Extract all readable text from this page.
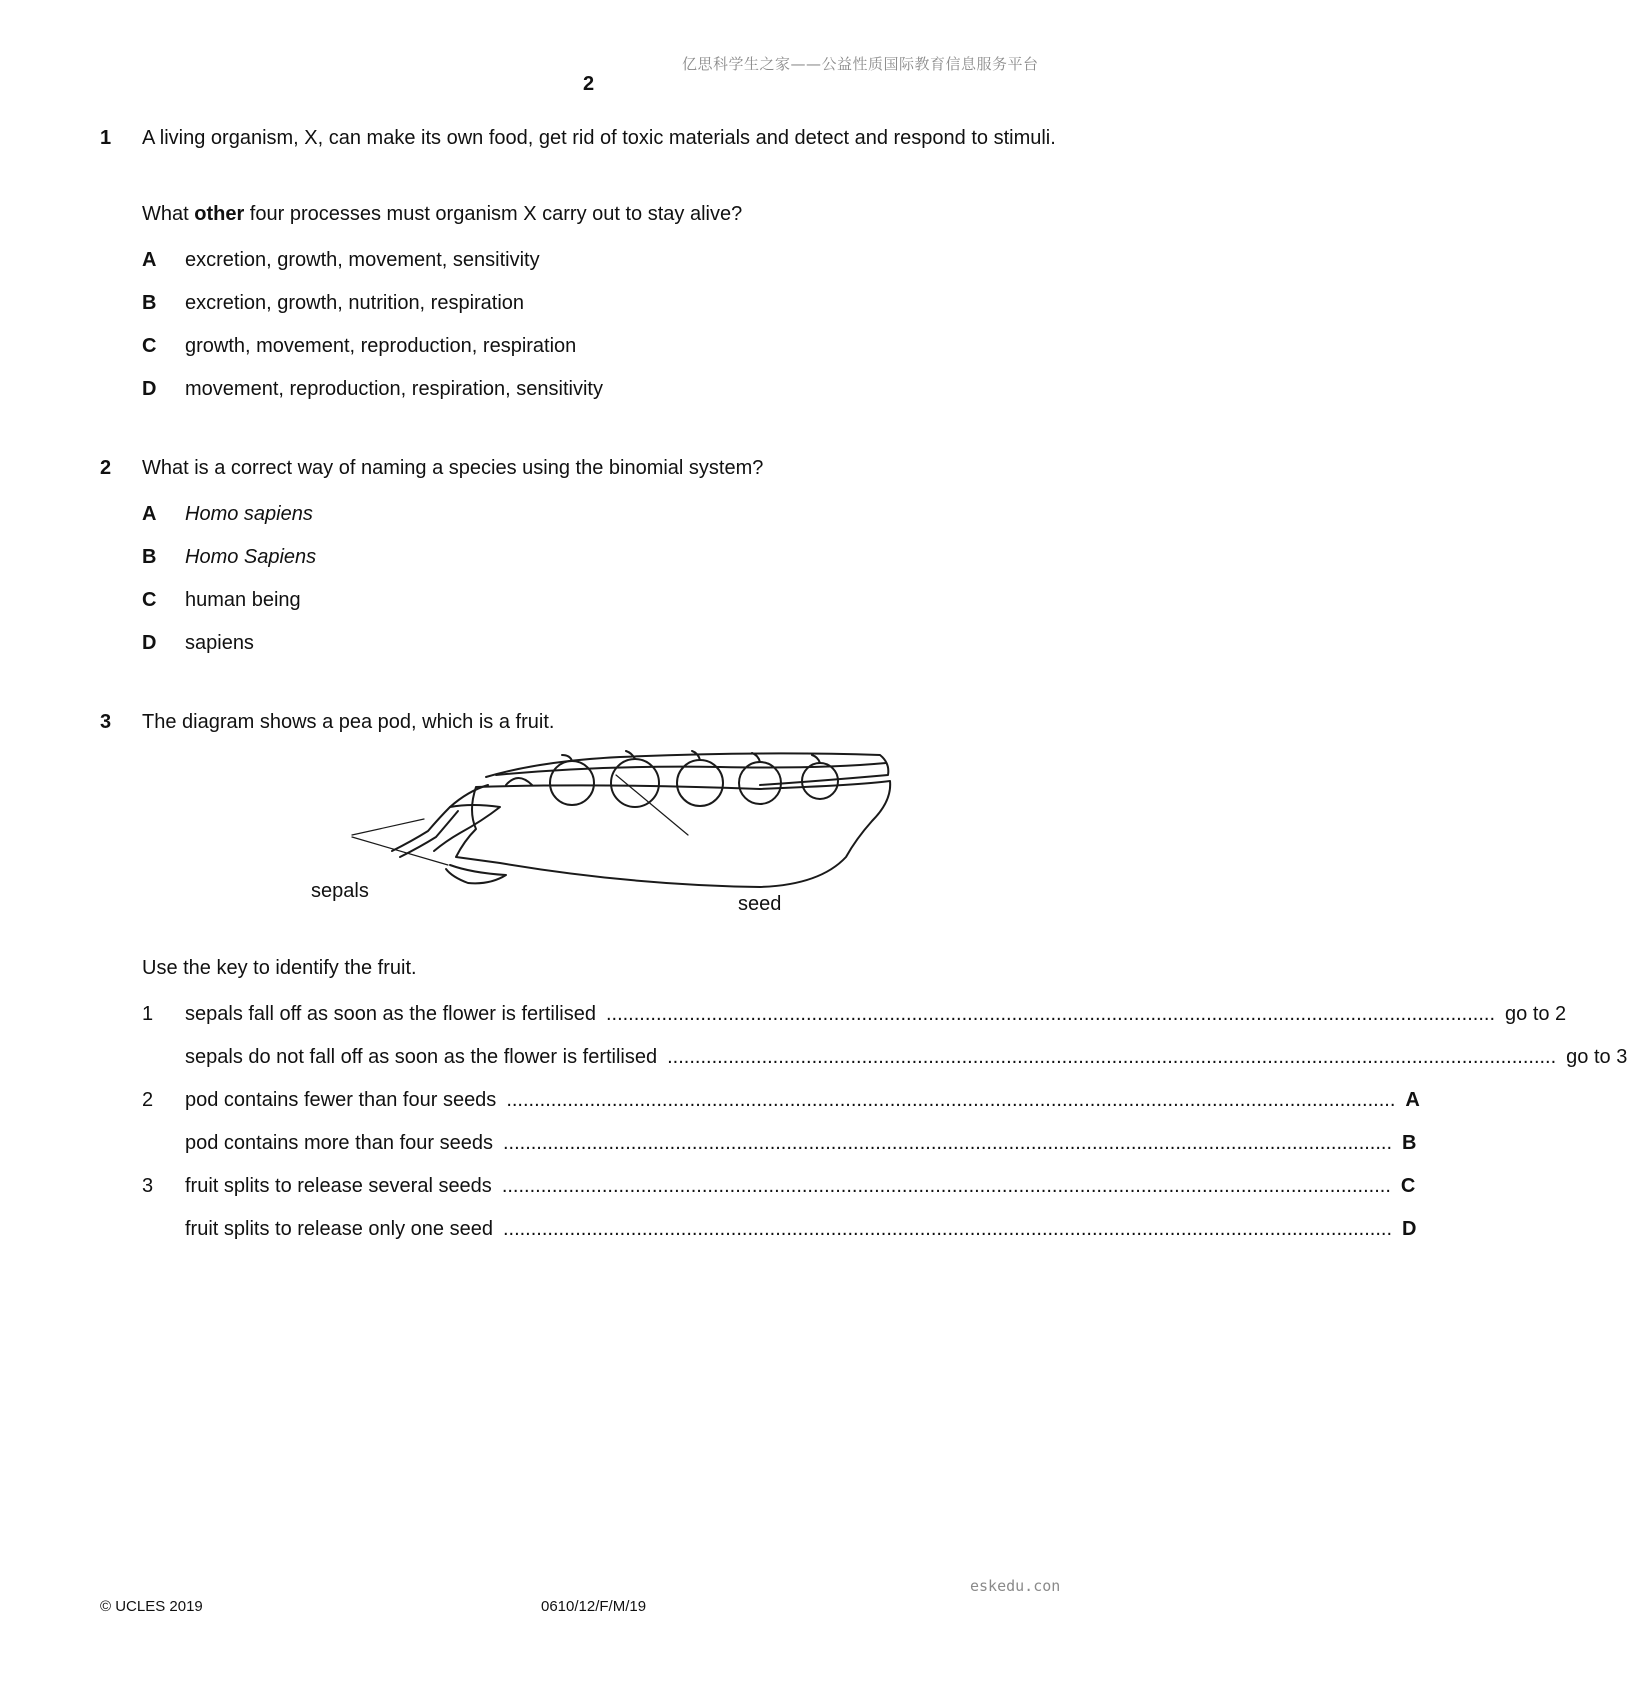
亿思科学生之家——公益性质国际教育信息服务平台
2
1 A living organism, X, can make its own food, get rid of toxic materials and detect and respond to stimuli.
What other four processes must organism X carry out to stay alive?
A excretion, growth, movement, sensitivity
B excretion, growth, nutrition, respiration
C growth, movement, reproduction, respiration
D movement, reproduction, respiration, sensitivity
2 What is a correct way of naming a species using the binomial system?
A Homo sapiens
B Homo Sapiens
C human being
D sapiens
3 The diagram shows a pea pod, which is a fruit.
sepals
seed
Use the key to identify the fruit.
1 sepals fall off as soon as the flower is fertilised ................................................................................................................................................................ go to 2
sepals do not fall off as soon as the flower is fertilised ................................................................................................................................................................ go to 3
2 pod contains fewer than four seeds ................................................................................................................................................................ A
pod contains more than four seeds ................................................................................................................................................................ B
3 fruit splits to release several seeds ................................................................................................................................................................ C
fruit splits to release only one seed ................................................................................................................................................................ D
eskedu.con
© UCLES 2019	0610/12/F/M/19
